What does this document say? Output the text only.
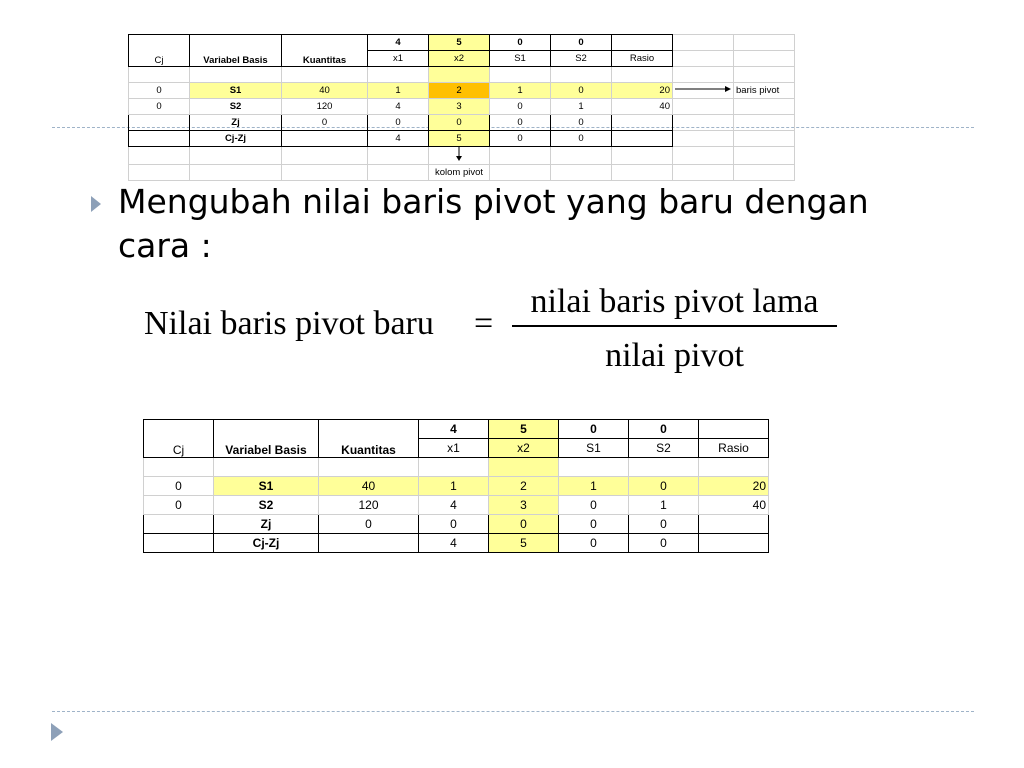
Cj	Variabel Basis	Kuantitas	4	5	0	0			
			x1	x2	S1	S2	Rasio		

0	S1	40	1	2	1	0	20		baris pivot
0	S2	120	4	3	0	1	40		
	Zj	0	0	0	0	0			
	Cj-Zj		4	5	0	0			

				kolom pivot					
Mengubah nilai baris pivot yang baru dengan cara :
Nilai baris pivot baru =
nilai baris pivot lama
nilai pivot
Cj	Variabel Basis	Kuantitas	4	5	0	0	
			x1	x2	S1	S2	Rasio

0	S1	40	1	2	1	0	20
0	S2	120	4	3	0	1	40
	Zj	0	0	0	0	0	
	Cj-Zj		4	5	0	0	
